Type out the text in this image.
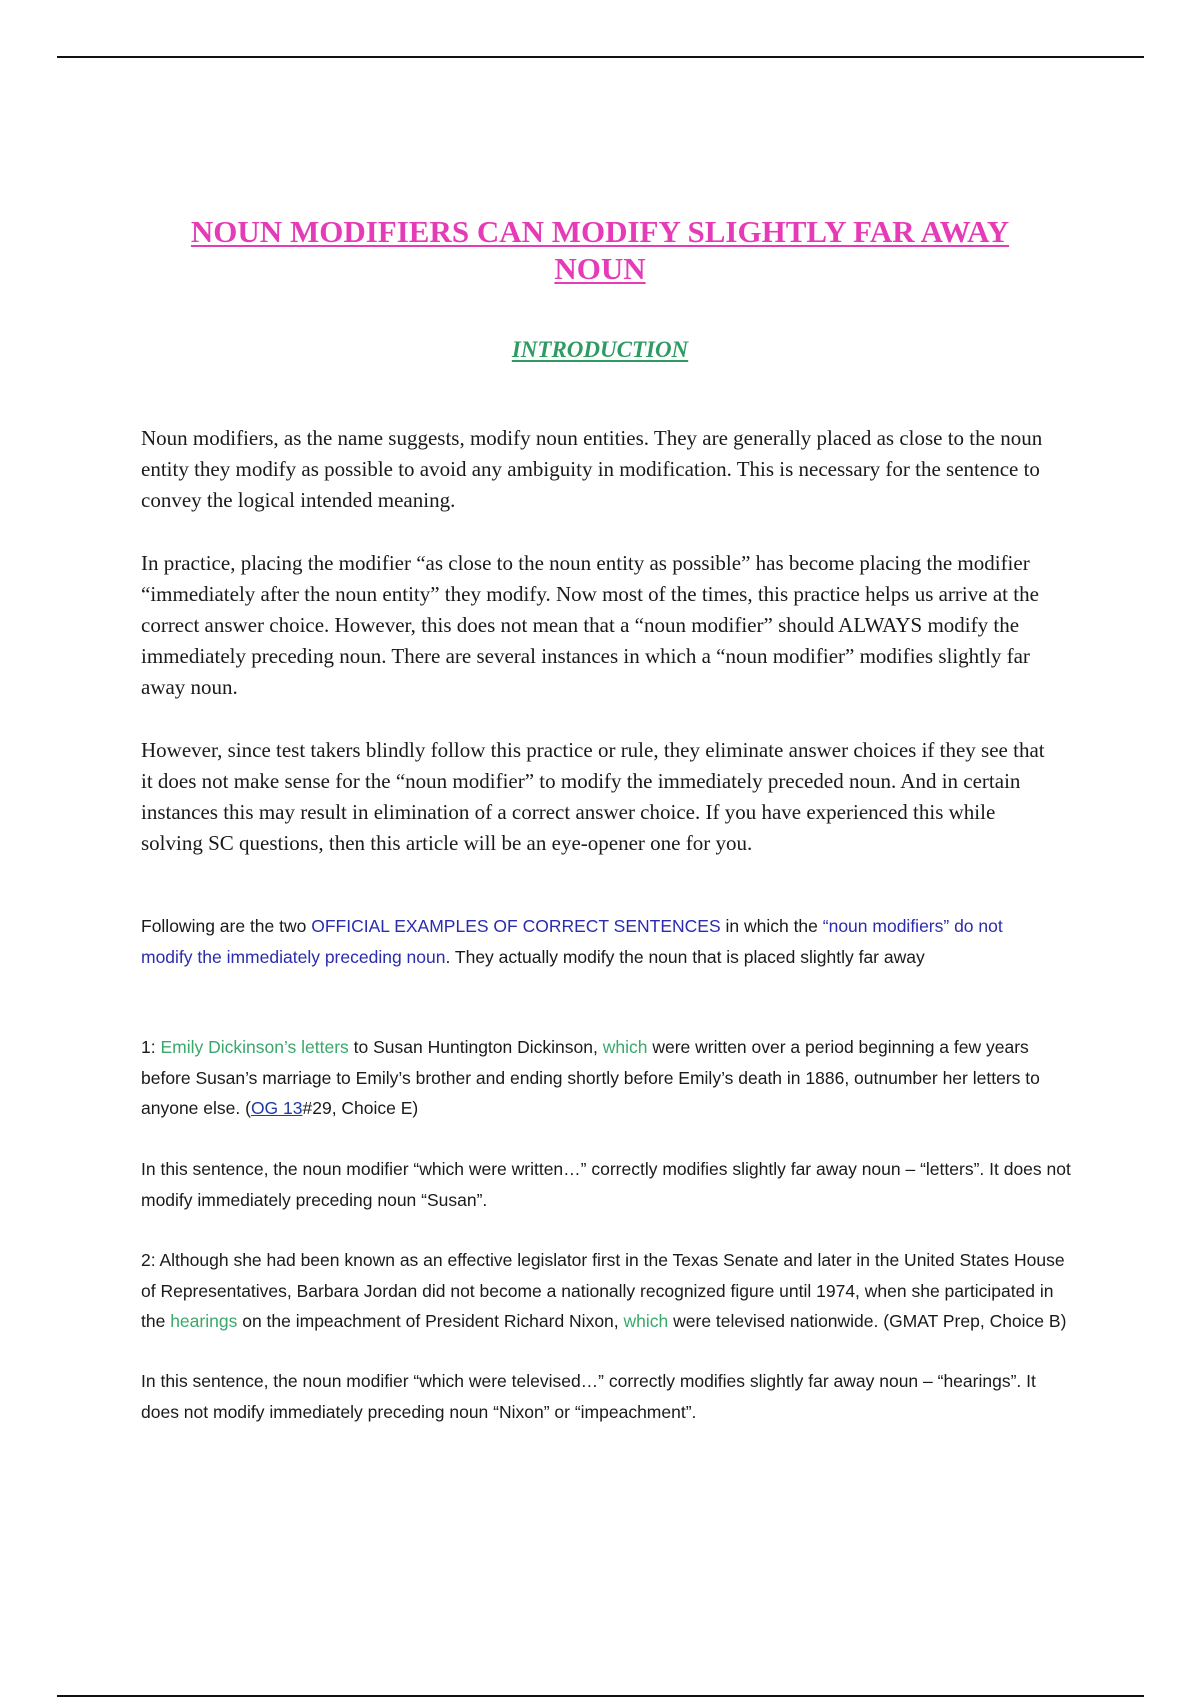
NOUN MODIFIERS CAN MODIFY SLIGHTLY FAR AWAY NOUN
INTRODUCTION

Noun modifiers, as the name suggests, modify noun entities. They are generally placed as close to the noun entity they modify as possible to avoid any ambiguity in modification. This is necessary for the sentence to convey the logical intended meaning.

In practice, placing the modifier “as close to the noun entity as possible” has become placing the modifier “immediately after the noun entity” they modify. Now most of the times, this practice helps us arrive at the correct answer choice. However, this does not mean that a “noun modifier” should ALWAYS modify the immediately preceding noun. There are several instances in which a “noun modifier” modifies slightly far away noun.

However, since test takers blindly follow this practice or rule, they eliminate answer choices if they see that it does not make sense for the “noun modifier” to modify the immediately preceded noun. And in certain instances this may result in elimination of a correct answer choice. If you have experienced this while solving SC questions, then this article will be an eye-opener one for you.

Following are the two OFFICIAL EXAMPLES OF CORRECT SENTENCES in which the “noun modifiers” do not modify the immediately preceding noun. They actually modify the noun that is placed slightly far away

1: Emily Dickinson’s letters to Susan Huntington Dickinson, which were written over a period beginning a few years before Susan’s marriage to Emily’s brother and ending shortly before Emily’s death in 1886, outnumber her letters to anyone else. (OG 13#29, Choice E)

In this sentence, the noun modifier “which were written…” correctly modifies slightly far away noun – “letters”. It does not modify immediately preceding noun “Susan”.

2: Although she had been known as an effective legislator first in the Texas Senate and later in the United States House of Representatives, Barbara Jordan did not become a nationally recognized figure until 1974, when she participated in the hearings on the impeachment of President Richard Nixon, which were televised nationwide. (GMAT Prep, Choice B)

In this sentence, the noun modifier “which were televised…” correctly modifies slightly far away noun – “hearings”. It does not modify immediately preceding noun “Nixon” or “impeachment”.
